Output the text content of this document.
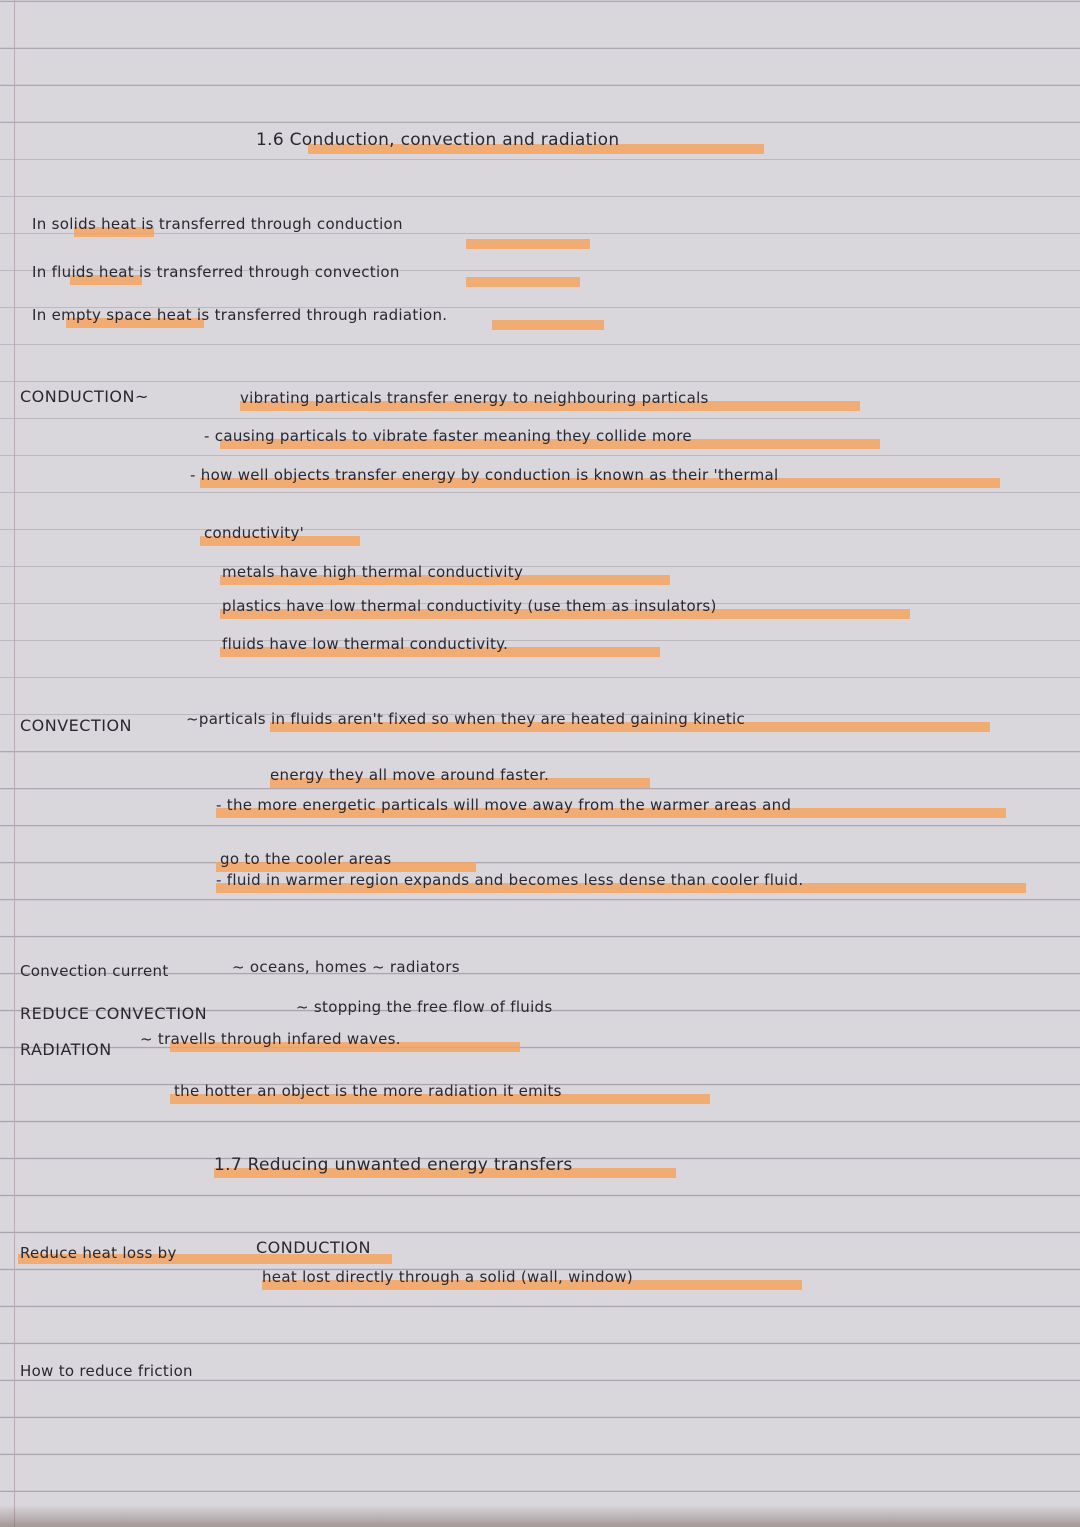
1.6 Conduction, convection and radiation
In solids heat is transferred through conduction
In fluids heat is transferred through convection
In empty space heat is transferred through radiation.
CONDUCTION~	vibrating particals transfer energy to neighbouring particals
- causing particals to vibrate faster meaning they collide more
- how well objects transfer energy by conduction is known as their 'thermal
conductivity'
metals have high thermal conductivity
plastics have low thermal conductivity (use them as insulators)
fluids have low thermal conductivity.
CONVECTION	~particals in fluids aren't fixed so when they are heated gaining kinetic
energy they all move around faster.
- the more energetic particals will move away from the warmer areas and
go to the cooler areas
- fluid in warmer region expands and becomes less dense than cooler fluid.
Convection current	~ oceans, homes ~ radiators
REDUCE CONVECTION	~ stopping the free flow of fluids
RADIATION
~ travells through infared waves.
the hotter an object is the more radiation it emits
1.7 Reducing unwanted energy transfers
Reduce heat loss by	CONDUCTION
heat lost directly through a solid (wall, window)
How to reduce friction
